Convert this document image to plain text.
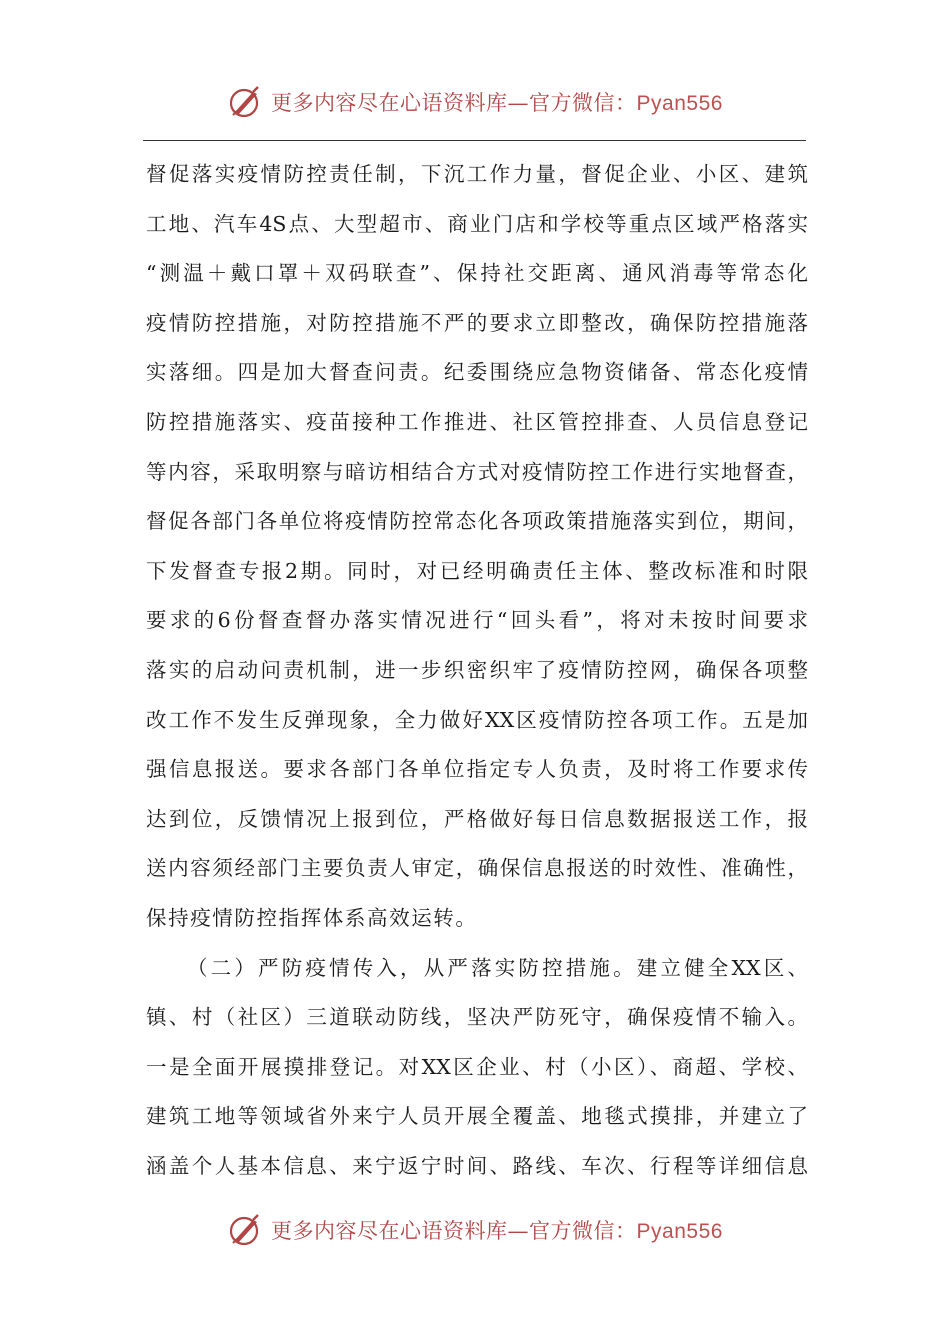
更多内容尽在心语资料库—官方微信：Pyan556
督促落实疫情防控责任制，下沉工作力量，督促企业、小区、建筑
工地、汽车4S点、大型超市、商业门店和学校等重点区域严格落实
“测温＋戴口罩＋双码联查”、保持社交距离、通风消毒等常态化
疫情防控措施，对防控措施不严的要求立即整改，确保防控措施落
实落细。四是加大督查问责。纪委围绕应急物资储备、常态化疫情
防控措施落实、疫苗接种工作推进、社区管控排查、人员信息登记
等内容，采取明察与暗访相结合方式对疫情防控工作进行实地督查，
督促各部门各单位将疫情防控常态化各项政策措施落实到位，期间，
下发督查专报2期。同时，对已经明确责任主体、整改标准和时限
要求的6份督查督办落实情况进行“回头看”，将对未按时间要求
落实的启动问责机制，进一步织密织牢了疫情防控网，确保各项整
改工作不发生反弹现象，全力做好XX区疫情防控各项工作。五是加
强信息报送。要求各部门各单位指定专人负责，及时将工作要求传
达到位，反馈情况上报到位，严格做好每日信息数据报送工作，报
送内容须经部门主要负责人审定，确保信息报送的时效性、准确性，
保持疫情防控指挥体系高效运转。
（二）严防疫情传入，从严落实防控措施。建立健全XX区、
镇、村（社区）三道联动防线，坚决严防死守，确保疫情不输入。
一是全面开展摸排登记。对XX区企业、村（小区）、商超、学校、
建筑工地等领域省外来宁人员开展全覆盖、地毯式摸排，并建立了
涵盖个人基本信息、来宁返宁时间、路线、车次、行程等详细信息
更多内容尽在心语资料库—官方微信：Pyan556
